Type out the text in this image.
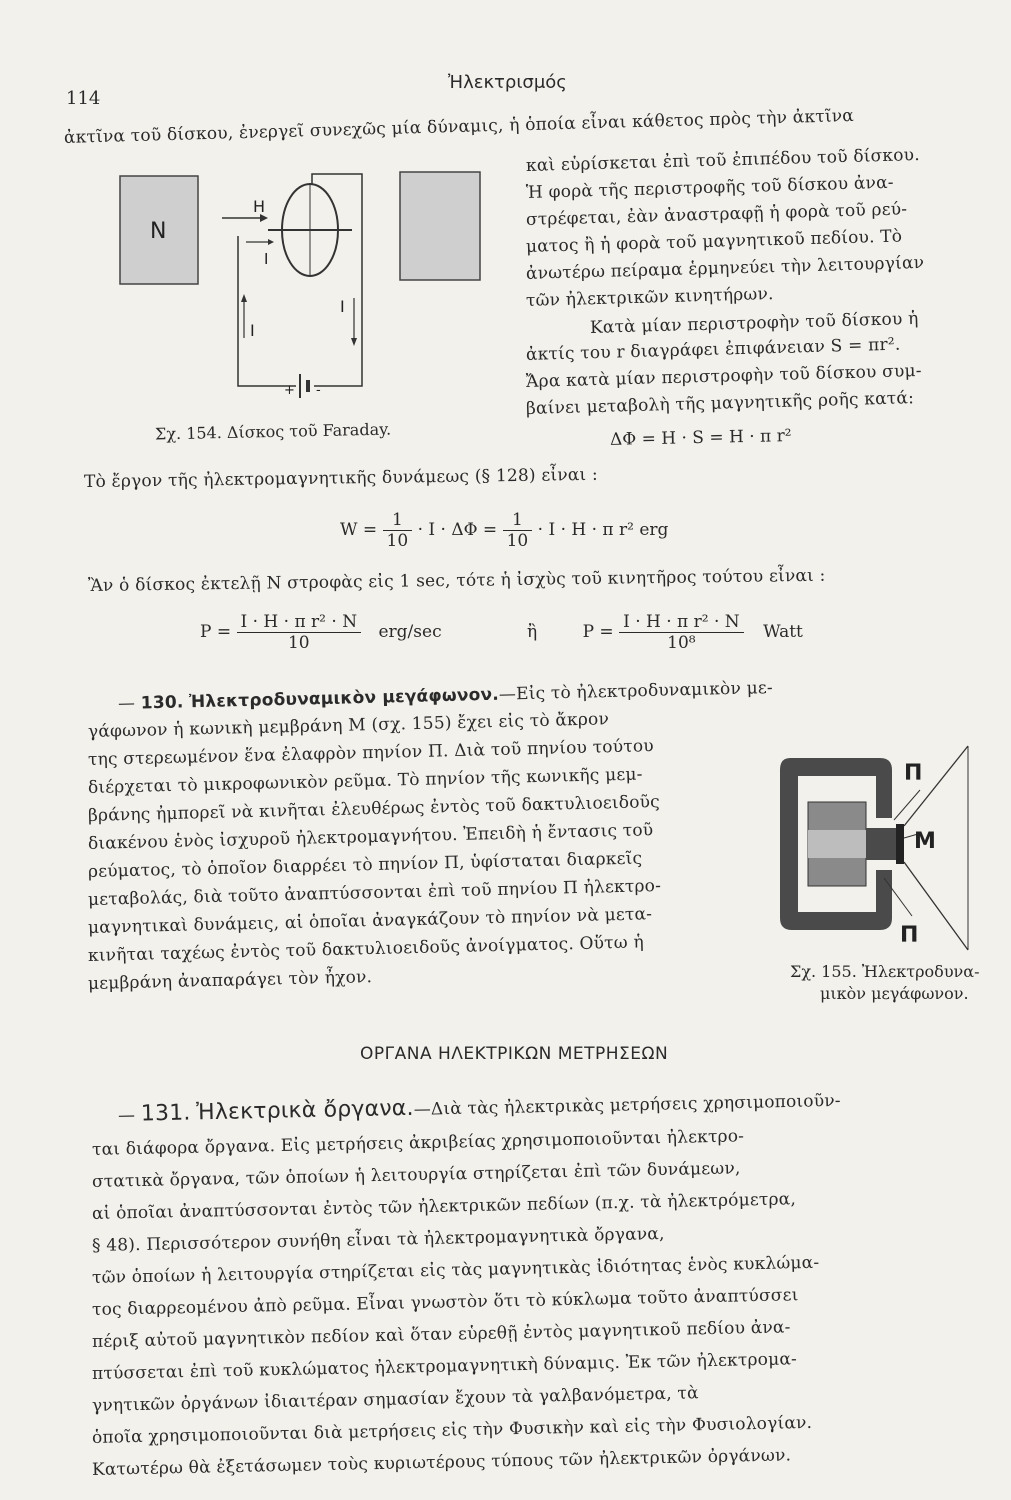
114
Ἠλεκτρισμός
ἀκτῖνα τοῦ δίσκου, ἐνεργεῖ συνεχῶς μία δύναμις, ἡ ὁποία εἶναι κάθετος πρὸς τὴν ἀκτῖνα
N
H
I
I
I
+ -
Σχ. 154. Δίσκος τοῦ Faraday.
καὶ εὑρίσκεται ἐπὶ τοῦ ἐπιπέδου τοῦ δίσκου.
Ἡ φορὰ τῆς περιστροφῆς τοῦ δίσκου ἀνα-
στρέφεται, ἐὰν ἀναστραφῇ ἡ φορὰ τοῦ ρεύ-
ματος ἢ ἡ φορὰ τοῦ μαγνητικοῦ πεδίου. Τὸ
ἀνωτέρω πείραμα ἑρμηνεύει τὴν λειτουργίαν
τῶν ἠλεκτρικῶν κινητήρων.
Κατὰ μίαν περιστροφὴν τοῦ δίσκου ἡ
ἀκτίς του r διαγράφει ἐπιφάνειαν S = πr².
Ἄρα κατὰ μίαν περιστροφὴν τοῦ δίσκου συμ-
βαίνει μεταβολὴ τῆς μαγνητικῆς ροῆς κατά:
ΔΦ = H · S = H · π r²
Τὸ ἔργον τῆς ἠλεκτρομαγνητικῆς δυνάμεως (§ 128) εἶναι :
$W = \frac{1}{10} \cdot I \cdot \Delta\Phi = \frac{1}{10} \cdot I \cdot H \cdot \pi$ r² erg
Ἂν ὁ δίσκος ἐκτελῇ N στροφὰς εἰς 1 sec, τότε ἡ ἰσχὺς τοῦ κινητῆρος τούτου εἶναι :
$P = \frac{\text{I · H · π r² · N}}{10} erg/\sec$	ἢ	$P = \frac{\text{I · H · π r² · N}}{\text{10⁸}}$ Watt
— 130. Ἠλεκτροδυναμικὸν μεγάφωνον.—Εἰς τὸ ἠλεκτροδυναμικὸν με-
γάφωνον ἡ κωνικὴ μεμβράνη M (σχ. 155) ἔχει εἰς τὸ ἄκρον
της στερεωμένον ἕνα ἐλαφρὸν πηνίον Π. Διὰ τοῦ πηνίου τούτου
διέρχεται τὸ μικροφωνικὸν ρεῦμα. Τὸ πηνίον τῆς κωνικῆς μεμ-
βράνης ἠμπορεῖ νὰ κινῆται ἐλευθέρως ἐντὸς τοῦ δακτυλιοειδοῦς
διακένου ἑνὸς ἰσχυροῦ ἠλεκτρομαγνήτου. Ἐπειδὴ ἡ ἔντασις τοῦ
ρεύματος, τὸ ὁποῖον διαρρέει τὸ πηνίον Π, ὑφίσταται διαρκεῖς
μεταβολάς, διὰ τοῦτο ἀναπτύσσονται ἐπὶ τοῦ πηνίου Π ἠλεκτρο-
μαγνητικαὶ δυνάμεις, αἱ ὁποῖαι ἀναγκάζουν τὸ πηνίον νὰ μετα-
κινῆται ταχέως ἐντὸς τοῦ δακτυλιοειδοῦς ἀνοίγματος. Οὕτω ἡ
μεμβράνη ἀναπαράγει τὸν ἦχον.
Π
M
Π
Σχ. 155. Ἠλεκτροδυνα-
μικὸν μεγάφωνον.
ΟΡΓΑΝΑ ΗΛΕΚΤΡΙΚΩΝ ΜΕΤΡΗΣΕΩΝ
— 131. Ἠλεκτρικὰ ὄργανα.—Διὰ τὰς ἠλεκτρικὰς μετρήσεις χρησιμοποιοῦν-
ται διάφορα ὄργανα. Εἰς μετρήσεις ἀκριβείας χρησιμοποιοῦνται ἠλεκτρο-
στατικὰ ὄργανα, τῶν ὁποίων ἡ λειτουργία στηρίζεται ἐπὶ τῶν δυνάμεων,
αἱ ὁποῖαι ἀναπτύσσονται ἐντὸς τῶν ἠλεκτρικῶν πεδίων (π.χ. τὰ ἠλεκτρόμετρα,
§ 48). Περισσότερον συνήθη εἶναι τὰ ἠλεκτρομαγνητικὰ ὄργανα,
τῶν ὁποίων ἡ λειτουργία στηρίζεται εἰς τὰς μαγνητικὰς ἰδιότητας ἑνὸς κυκλώμα-
τος διαρρεομένου ἀπὸ ρεῦμα. Εἶναι γνωστὸν ὅτι τὸ κύκλωμα τοῦτο ἀναπτύσσει
πέριξ αὐτοῦ μαγνητικὸν πεδίον καὶ ὅταν εὑρεθῇ ἐντὸς μαγνητικοῦ πεδίου ἀνα-
πτύσσεται ἐπὶ τοῦ κυκλώματος ἠλεκτρομαγνητικὴ δύναμις. Ἐκ τῶν ἠλεκτρομα-
γνητικῶν ὀργάνων ἰδιαιτέραν σημασίαν ἔχουν τὰ γαλβανόμετρα, τὰ
ὁποῖα χρησιμοποιοῦνται διὰ μετρήσεις εἰς τὴν Φυσικὴν καὶ εἰς τὴν Φυσιολογίαν.
Κατωτέρω θὰ ἐξετάσωμεν τοὺς κυριωτέρους τύπους τῶν ἠλεκτρικῶν ὀργάνων.
